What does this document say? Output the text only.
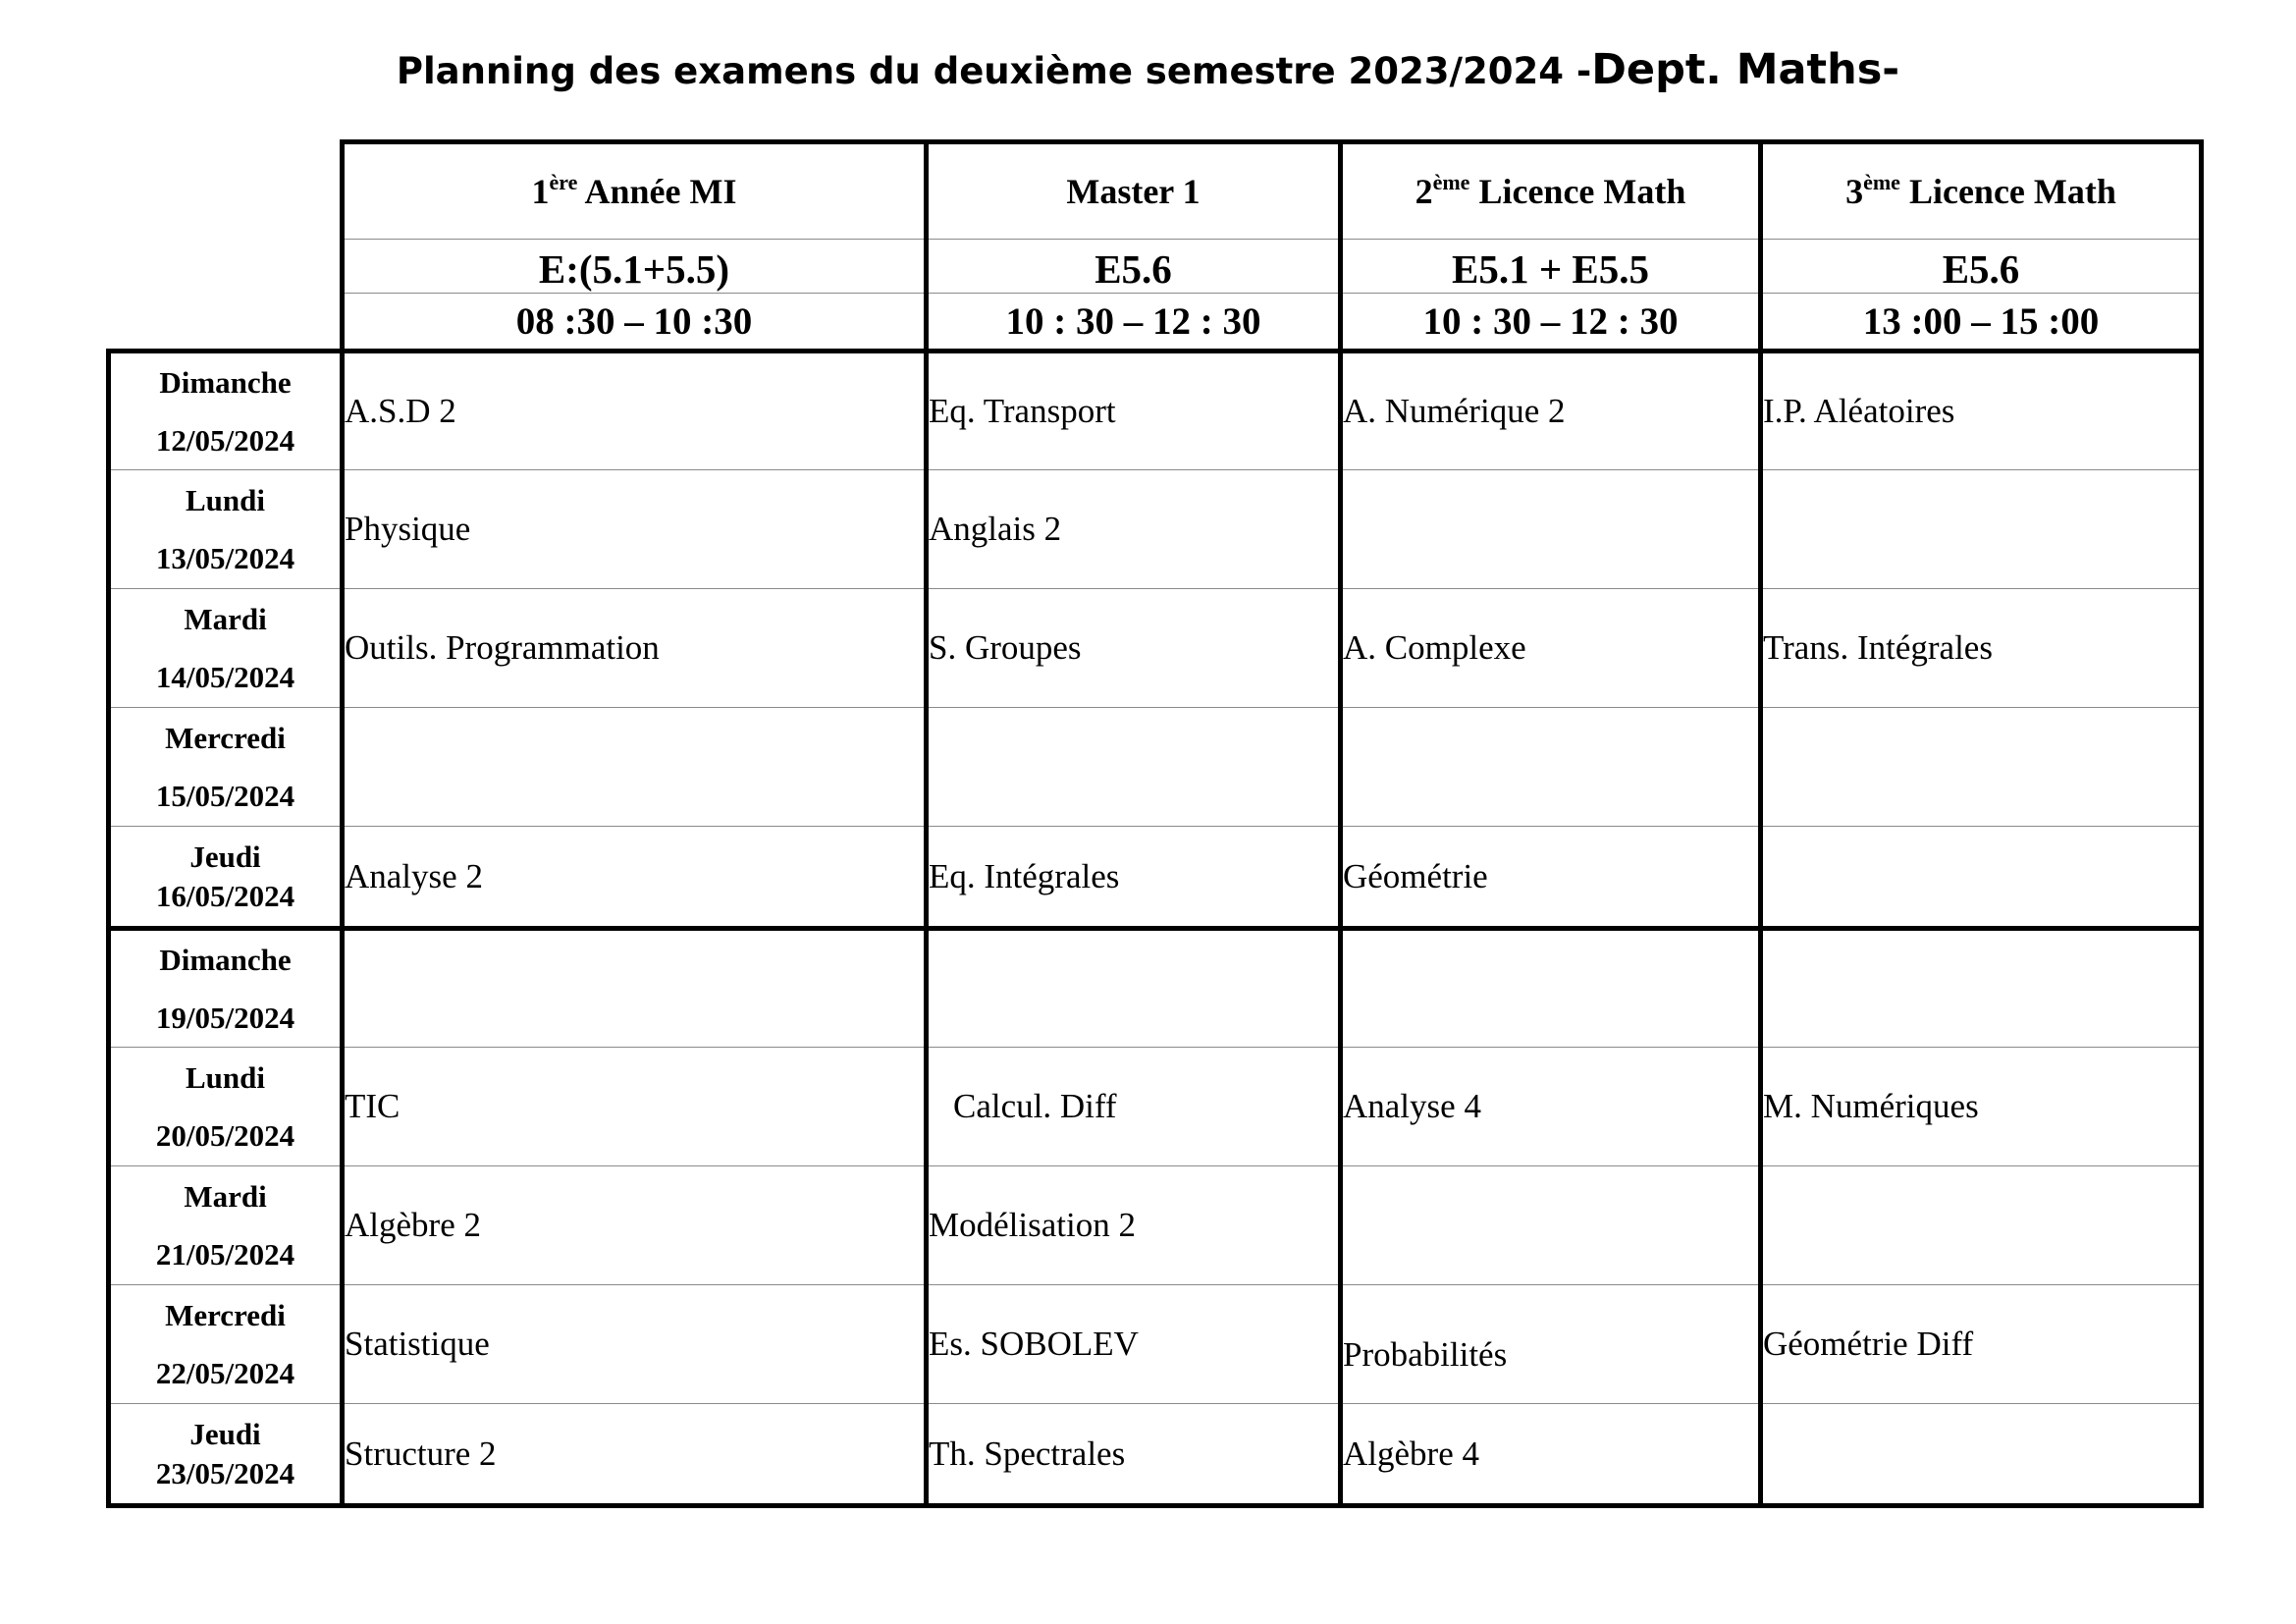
Planning des examens du deuxième semestre 2023/2024 -Dept. Maths-
	1ère Année MI	Master 1	2ème Licence Math	3ème Licence Math
	E:(5.1+5.5)	E5.6	E5.1 + E5.5	E5.6
	08 :30 – 10 :30	10 : 30 – 12 : 30	10 : 30 – 12 : 30	13 :00 – 15 :00

Dimanche
12/05/2024	A.S.D 2	Eq. Transport	A. Numérique 2	I.P. Aléatoires

Lundi
13/05/2024	Physique	Anglais 2		

Mardi
14/05/2024	Outils. Programmation	S. Groupes	A. Complexe	Trans. Intégrales

Mercredi
15/05/2024				

Jeudi
16/05/2024	Analyse 2	Eq. Intégrales	Géométrie	

Dimanche
19/05/2024				

Lundi
20/05/2024	TIC	Calcul. Diff	Analyse 4	M. Numériques

Mardi
21/05/2024	Algèbre 2	Modélisation 2		

Mercredi
22/05/2024	Statistique	Es. SOBOLEV	Probabilités	Géométrie Diff

Jeudi
23/05/2024	Structure 2	Th. Spectrales	Algèbre 4	
